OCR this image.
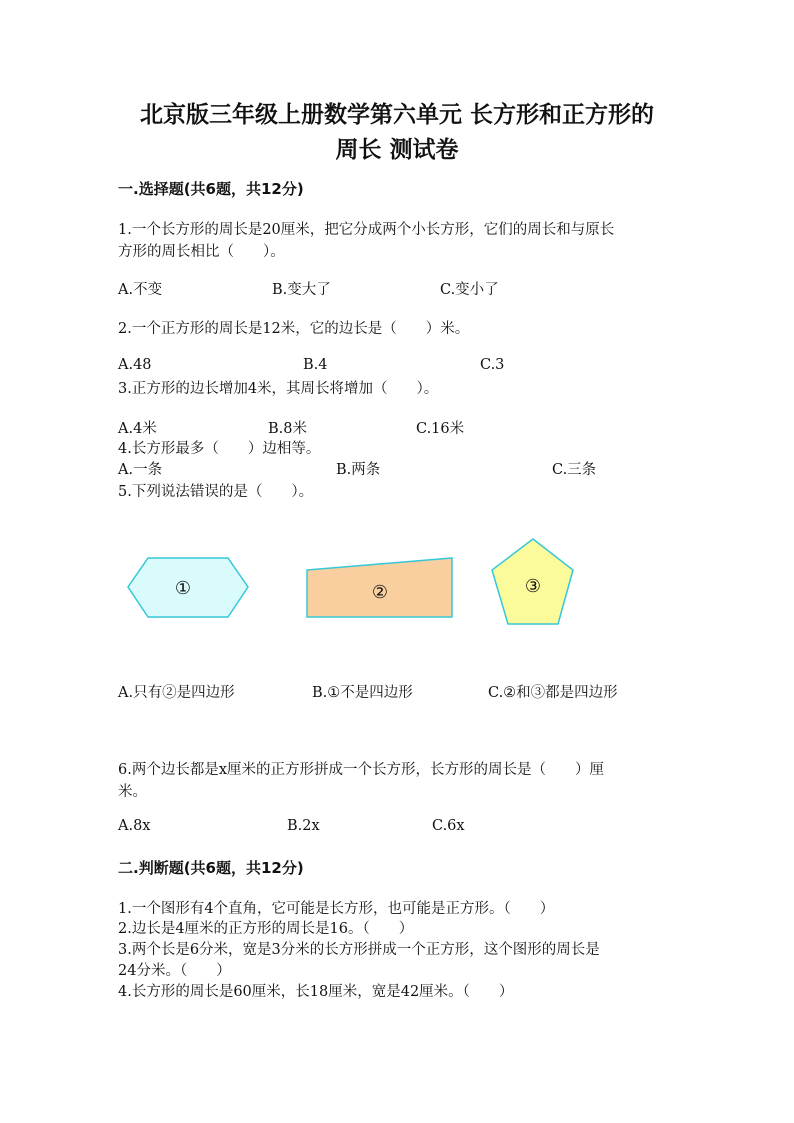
北京版三年级上册数学第六单元 长方形和正方形的
周长 测试卷
一.选择题(共6题，共12分)
1.一个长方形的周长是20厘米，把它分成两个小长方形，它们的周长和与原长
方形的周长相比（　　）。
A.不变	B.变大了	C.变小了
2.一个正方形的周长是12米，它的边长是（　　）米。
A.48	B.4	C.3
3.正方形的边长增加4米，其周长将增加（　　）。
A.4米	B.8米	C.16米
4.长方形最多（　　）边相等。
A.一条	B.两条	C.三条
5.下列说法错误的是（　　）。
①	②	③
A.只有②是四边形	B.①不是四边形	C.②和③都是四边形
6.两个边长都是x厘米的正方形拼成一个长方形，长方形的周长是（　　）厘
米。
A.8x	B.2x	C.6x
二.判断题(共6题，共12分)
1.一个图形有4个直角，它可能是长方形，也可能是正方形。（　　）
2.边长是4厘米的正方形的周长是16。（　　）
3.两个长是6分米，宽是3分米的长方形拼成一个正方形，这个图形的周长是
24分米。（　　）
4.长方形的周长是60厘米，长18厘米，宽是42厘米。（　　）
